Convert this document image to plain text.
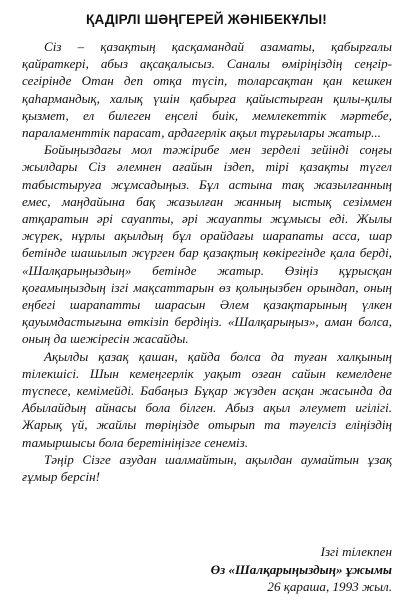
ҚАДІРЛІ ШӘҢГЕРЕЙ ЖӘНІБЕКҰЛЫ!

Сіз – қазақтың қасқамандай азаматы, қабырғалы қайраткері, абыз ақсақалысыз. Саналы өміріңіздің сеңгір-сегірінде Отан деп отқа түсіп, толарсақтан қан кешкен қаһармандық, халық үшін қабырға қайыстырған қилы-қилы қызмет, ел билеген еңселі биік, мемлекеттік мәртебе, параламенттік парасат, ардагерлік ақыл тұрғылары жатыр...

Бойыңыздағы мол тәжірибе мен зерделі зейінді соңғы жылдары Сіз әлемнен ағайын іздеп, тірі қазақты түгел табыстыруға жұмсадыңыз. Бұл астына тақ жазылғанның емес, маңдайына бақ жазылған жанның ыстық сезіммен атқаратын әрі сауапты, әрі жауапты жұмысы еді. Жылы жүрек, нұрлы ақылдың бұл орайдағы шарапаты асса, шар бетінде шашылып жүрген бар қазақтың көкірегінде қала берді, «Шалқарыңыздың» бетінде жатыр. Өзіңіз құрысқан қоғамыңыздың ізгі мақсаттарын өз қолыңызбен орындап, оның еңбегі шарапатты шарасын Әлем қазақтарының үлкен қауымдастығына өткізіп бердіңіз. «Шалқарыңыз», аман болса, оның да шежіресін жасайды.

Ақылды қазақ қашан, қайда болса да туған халқының тілекшісі. Шын кемеңгерлік уақыт озған сайын кемелдене түспесе, кемімейді. Бабаңыз Бұқар жүзден асқан жасында да Абылайдың айнасы бола білген. Абыз ақыл әлеумет игілігі. Жарық үй, жайлы төріңізде отырып та тәуелсіз еліңіздің тамыршысы бола беретініңізге сенеміз.

Тәңір Сізге азудан шалмайтын, ақылдан аумайтын ұзақ ғұмыр берсін!

Ізгі тілекпен
Өз «Шалқарыңыздың» ұжымы
26 қараша, 1993 жыл.
